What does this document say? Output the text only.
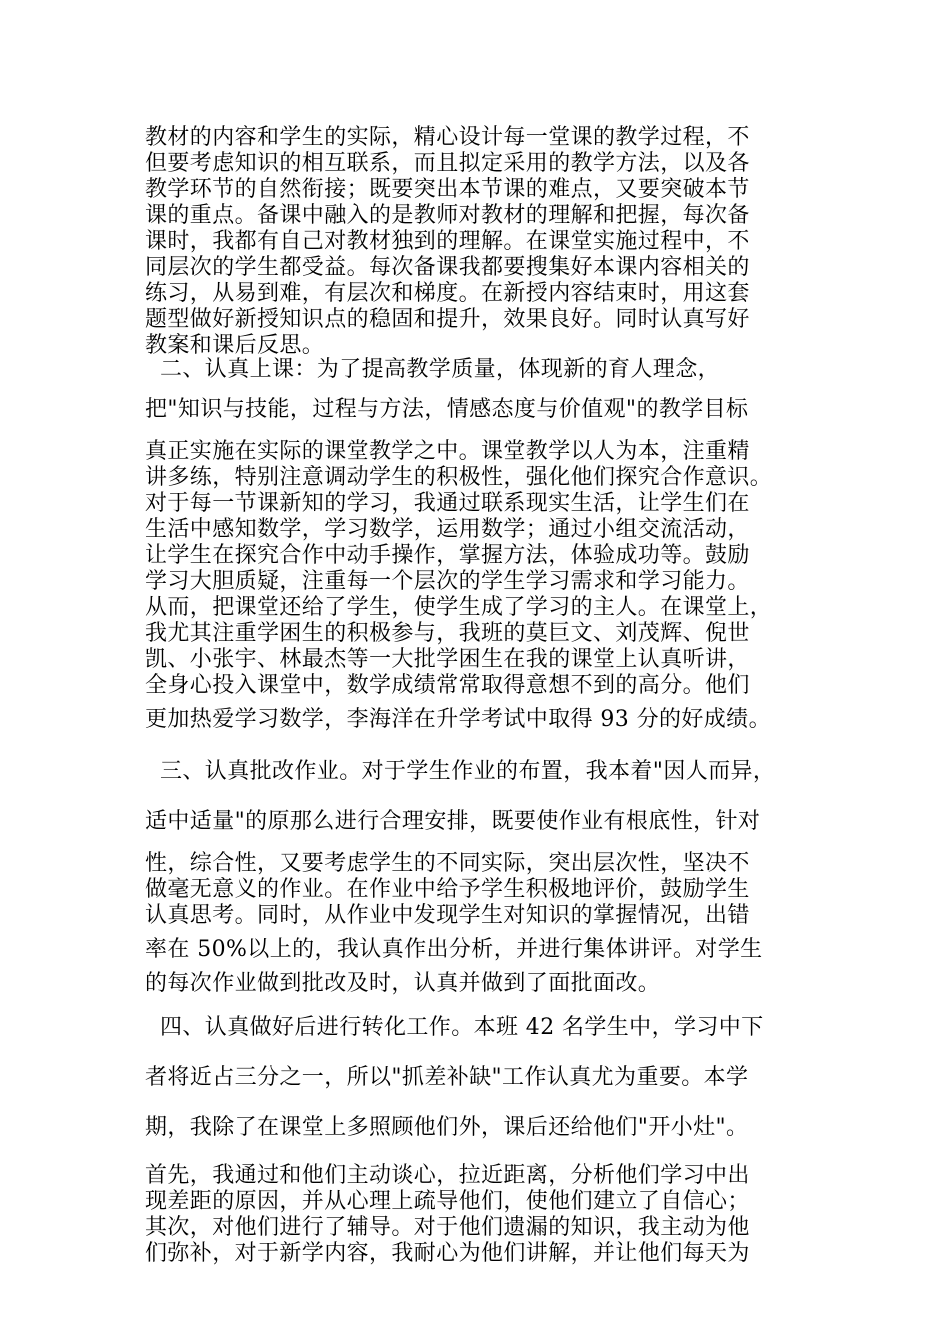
教材的内容和学生的实际，精心设计每一堂课的教学过程，不
但要考虑知识的相互联系，而且拟定采用的教学方法，以及各
教学环节的自然衔接；既要突出本节课的难点，又要突破本节
课的重点。备课中融入的是教师对教材的理解和把握，每次备
课时，我都有自己对教材独到的理解。在课堂实施过程中，不
同层次的学生都受益。每次备课我都要搜集好本课内容相关的
练习，从易到难，有层次和梯度。在新授内容结束时，用这套
题型做好新授知识点的稳固和提升，效果良好。同时认真写好
教案和课后反思。
二、认真上课：为了提高教学质量，体现新的育人理念，
把"知识与技能，过程与方法，情感态度与价值观"的教学目标
真正实施在实际的课堂教学之中。课堂教学以人为本，注重精
讲多练，特别注意调动学生的积极性，强化他们探究合作意识。
对于每一节课新知的学习，我通过联系现实生活，让学生们在
生活中感知数学，学习数学，运用数学；通过小组交流活动，
让学生在探究合作中动手操作，掌握方法，体验成功等。鼓励
学习大胆质疑，注重每一个层次的学生学习需求和学习能力。
从而，把课堂还给了学生，使学生成了学习的主人。在课堂上，
我尤其注重学困生的积极参与，我班的莫巨文、刘茂辉、倪世
凯、小张宇、林最杰等一大批学困生在我的课堂上认真听讲，
全身心投入课堂中，数学成绩常常取得意想不到的高分。他们
更加热爱学习数学，李海洋在升学考试中取得 93 分的好成绩。
三、认真批改作业。对于学生作业的布置，我本着"因人而异，
适中适量"的原那么进行合理安排，既要使作业有根底性，针对
性，综合性，又要考虑学生的不同实际，突出层次性，坚决不
做毫无意义的作业。在作业中给予学生积极地评价，鼓励学生
认真思考。同时，从作业中发现学生对知识的掌握情况，出错
率在 50%以上的，我认真作出分析，并进行集体讲评。对学生
的每次作业做到批改及时，认真并做到了面批面改。
四、认真做好后进行转化工作。本班 42 名学生中，学习中下
者将近占三分之一，所以"抓差补缺"工作认真尤为重要。本学
期，我除了在课堂上多照顾他们外，课后还给他们"开小灶"。
首先，我通过和他们主动谈心，拉近距离，分析他们学习中出
现差距的原因，并从心理上疏导他们，使他们建立了自信心；
其次，对他们进行了辅导。对于他们遗漏的知识，我主动为他
们弥补，对于新学内容，我耐心为他们讲解，并让他们每天为
